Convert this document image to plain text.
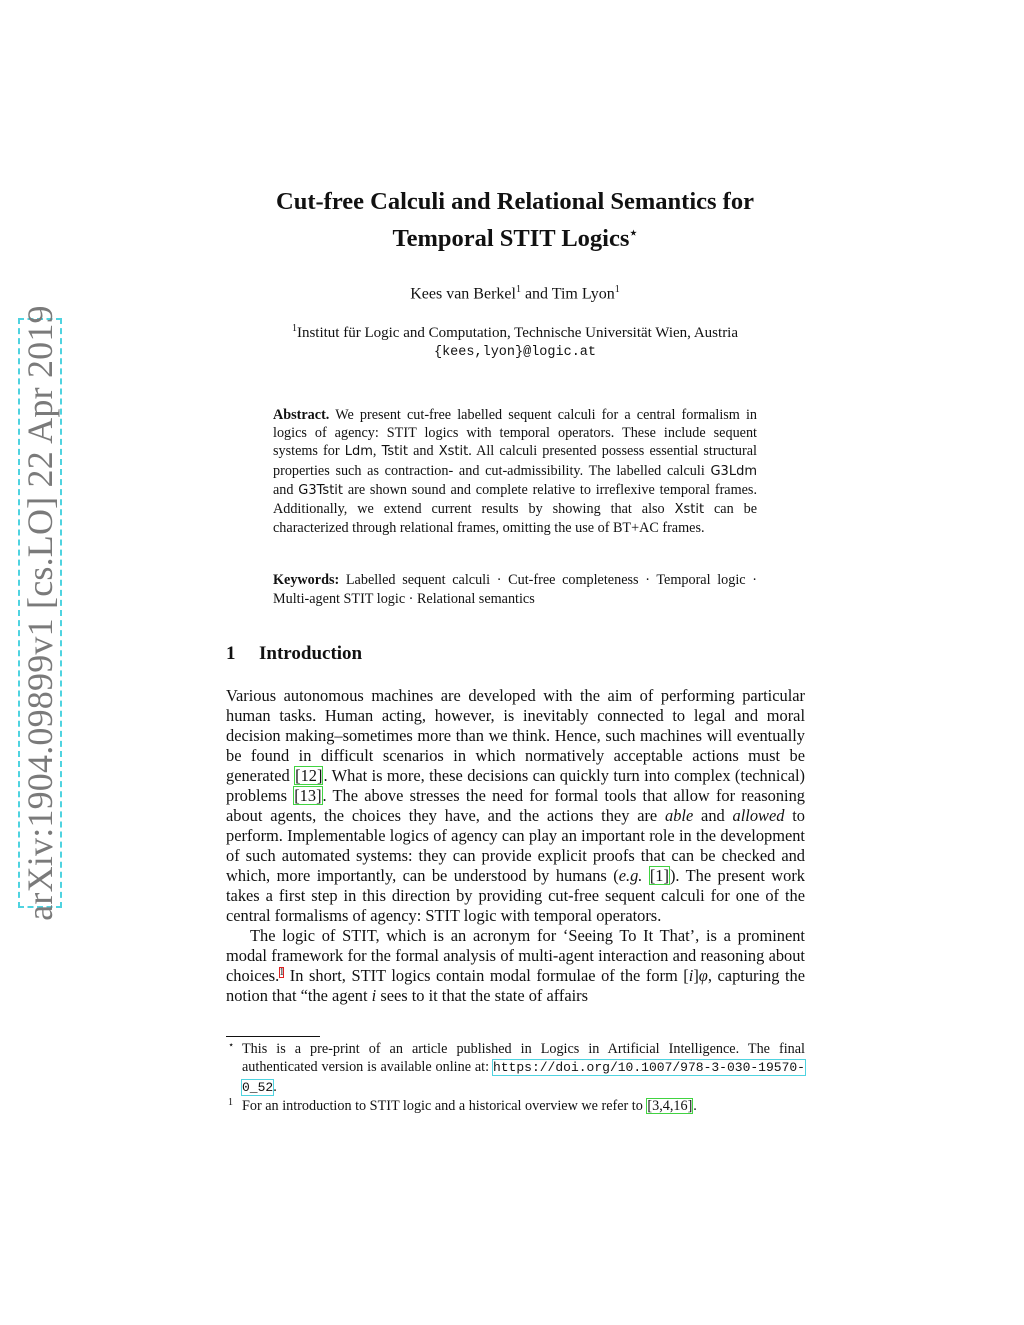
arXiv:1904.09899v1 [cs.LO] 22 Apr 2019
Cut-free Calculi and Relational Semantics for
Temporal STIT Logics⋆
Kees van Berkel$^1$ and Tim Lyon$^1$
$^1$Institut für Logic and Computation, Technische Universität Wien, Austria
{kees,lyon}@logic.at
Abstract. We present cut-free labelled sequent calculi for a central formalism in logics of agency: STIT logics with temporal operators. These include sequent systems for Ldm, Tstit and Xstit. All calculi presented possess essential structural properties such as contraction- and cut-admissibility. The labelled calculi G3Ldm and G3Tstit are shown sound and complete relative to irreflexive temporal frames. Additionally, we extend current results by showing that also Xstit can be characterized through relational frames, omitting the use of BT+AC frames.
Keywords: Labelled sequent calculi · Cut-free completeness · Temporal logic · Multi-agent STIT logic · Relational semantics
1 Introduction

Various autonomous machines are developed with the aim of performing particular human tasks. Human acting, however, is inevitably connected to legal and moral decision making–sometimes more than we think. Hence, such machines will eventually be found in difficult scenarios in which normatively acceptable actions must be generated [12]. What is more, these decisions can quickly turn into complex (technical) problems [13]. The above stresses the need for formal tools that allow for reasoning about agents, the choices they have, and the actions they are able and allowed to perform. Implementable logics of agency can play an important role in the development of such automated systems: they can provide explicit proofs that can be checked and which, more importantly, can be understood by humans (e.g. [1]). The present work takes a first step in this direction by providing cut-free sequent calculi for one of the central formalisms of agency: STIT logic with temporal operators.

The logic of STIT, which is an acronym for ‘Seeing To It That’, is a prominent modal framework for the formal analysis of multi-agent interaction and reasoning about choices.$^1$ In short, STIT logics contain modal formulae of the form [i]φ, capturing the notion that “the agent i sees to it that the state of affairs

⋆ This is a pre-print of an article published in Logics in Artificial Intelligence. The final authenticated version is available online at: https://doi.org/10.1007/978-3-030-19570-0_52.
1 For an introduction to STIT logic and a historical overview we refer to [3,4,16].
